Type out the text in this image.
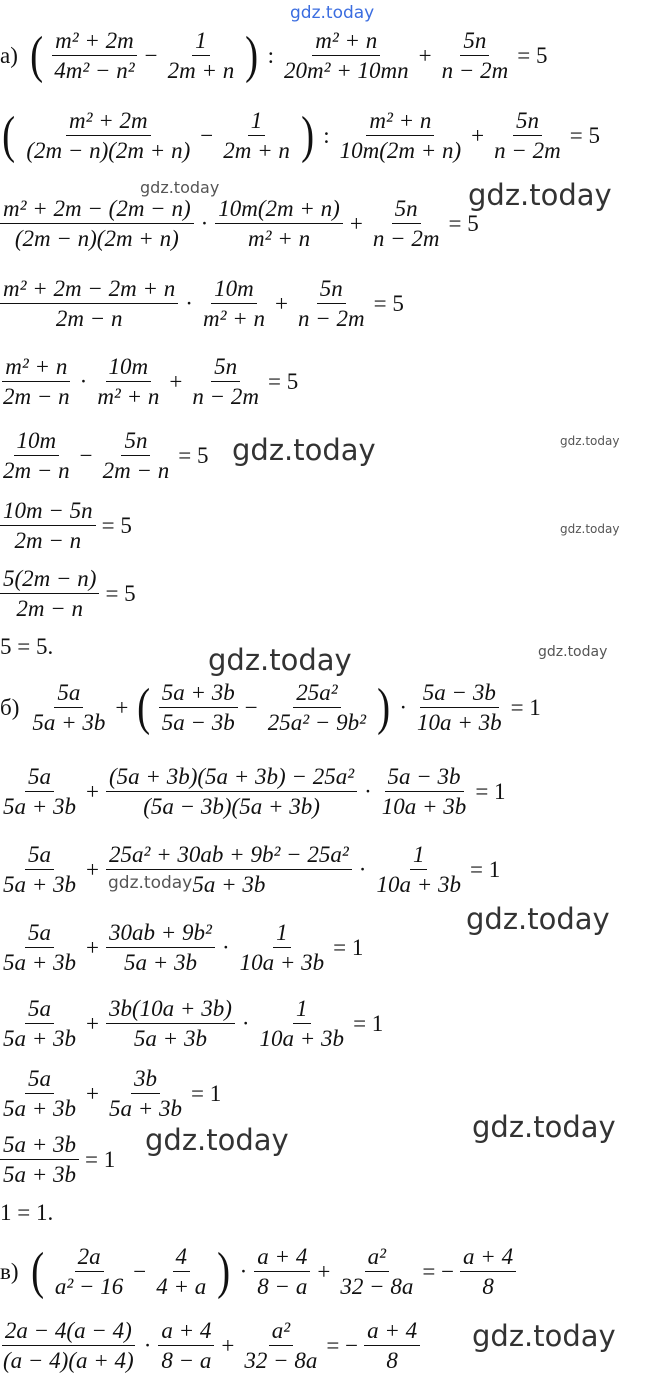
gdz.today
gdz.today	gdz.today
gdz.today	gdz.today
gdz.today
gdz.today	gdz.today
gdz.today
gdz.today
gdz.today
gdz.today
gdz.today
а) ( $\frac{\text{m² + 2m}}{\text{4m² − n²}} - \frac{1}{2m + n}$ ) : $\frac{\text{m² + n}}{\text{20m² + 10mn}} + \frac{5n}{n - 2m} = 5$
( $\frac{\text{m² + 2m}}{(2m - n)(2m + n)} - \frac{1}{2m + n}$ ) : $\frac{\text{m² + n}}{10m(2m + n)} + \frac{5n}{n - 2m} = 5$
$\frac{\text{m² + 2m − (2m − n)}}{(2m - n)(2m + n)} \cdot \frac{10m(2m + n)}{\text{m² + n}} + \frac{5n}{n - 2m} = 5$
$\frac{\text{m² + 2m − 2m + n}}{2m - n} \cdot \frac{10m}{\text{m² + n}} + \frac{5n}{n - 2m} = 5$
$\frac{\text{m² + n}}{2m - n} \cdot \frac{10m}{\text{m² + n}} + \frac{5n}{n - 2m} = 5$
$\frac{10m}{2m - n} - \frac{5n}{2m - n} = 5$
$\frac{10m - 5n}{2m - n} = 5$
$\frac{5(2m - n)}{2m - n} = 5$
5 = 5.
$б) \frac{5a}{5a + 3b}$ + ( $\frac{5a + 3b}{5a - 3b} - \frac{\text{25a²}}{\text{25a² − 9b²}}$ ) · $\frac{5a - 3b}{10a + 3b} = 1$
$\frac{5a}{5a + 3b} + \frac{\text{(5a + 3b)(5a + 3b) − 25a²}}{(5a - 3b)(5a + 3b)} \cdot \frac{5a - 3b}{10a + 3b} = 1$
$\frac{5a}{5a + 3b} + \frac{\text{25a² + 30ab + 9b² − 25a²}}{5a + 3b} \cdot \frac{1}{10a + 3b} = 1$
$\frac{5a}{5a + 3b} + \frac{\text{30ab + 9b²}}{5a + 3b} \cdot \frac{1}{10a + 3b} = 1$
$\frac{5a}{5a + 3b} + \frac{3b(10a + 3b)}{5a + 3b} \cdot \frac{1}{10a + 3b} = 1$
$\frac{5a}{5a + 3b} + \frac{3b}{5a + 3b} = 1$
$\frac{5a + 3b}{5a + 3b} = 1$
1 = 1.
в) ( $\frac{2a}{\text{a² − 16}} - \frac{4}{4 + a}$ ) · $\frac{a + 4}{8 - a} + \frac{\text{a²}}{32 - 8a}$ = − $\frac{a + 4}{8}$
$\frac{2a - 4(a - 4)}{(a - 4)(a + 4)} \cdot \frac{a + 4}{8 - a} + \frac{\text{a²}}{32 - 8a}$ = − $\frac{a + 4}{8}$
